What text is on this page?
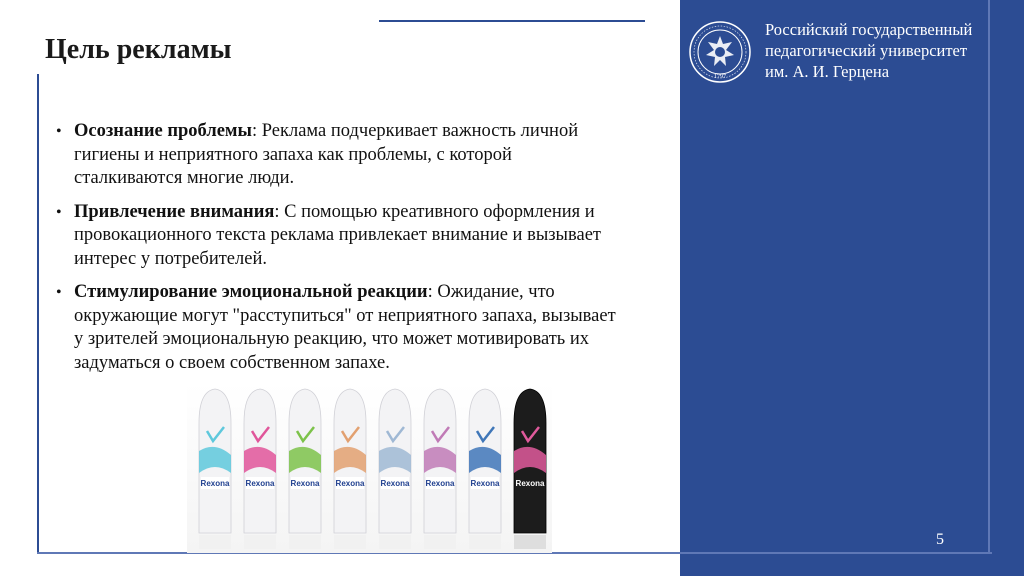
Цель рекламы
• Осознание проблемы: Реклама подчеркивает важность личной гигиены и неприятного запаха как проблемы, с которой сталкиваются многие люди.
• Привлечение внимания: С помощью креативного оформления и провокационного текста реклама привлекает внимание и вызывает интерес у потребителей.
• Стимулирование эмоциональной реакции: Ожидание, что окружающие могут "расступиться" от неприятного запаха, вызывает у зрителей эмоциональную реакцию, что может мотивировать их задуматься о своем собственном запахе.
Rexona Rexona Rexona Rexona Rexona Rexona Rexona Rexona
1797
Российский государственный
педагогический университет
им. А. И. Герцена
5
